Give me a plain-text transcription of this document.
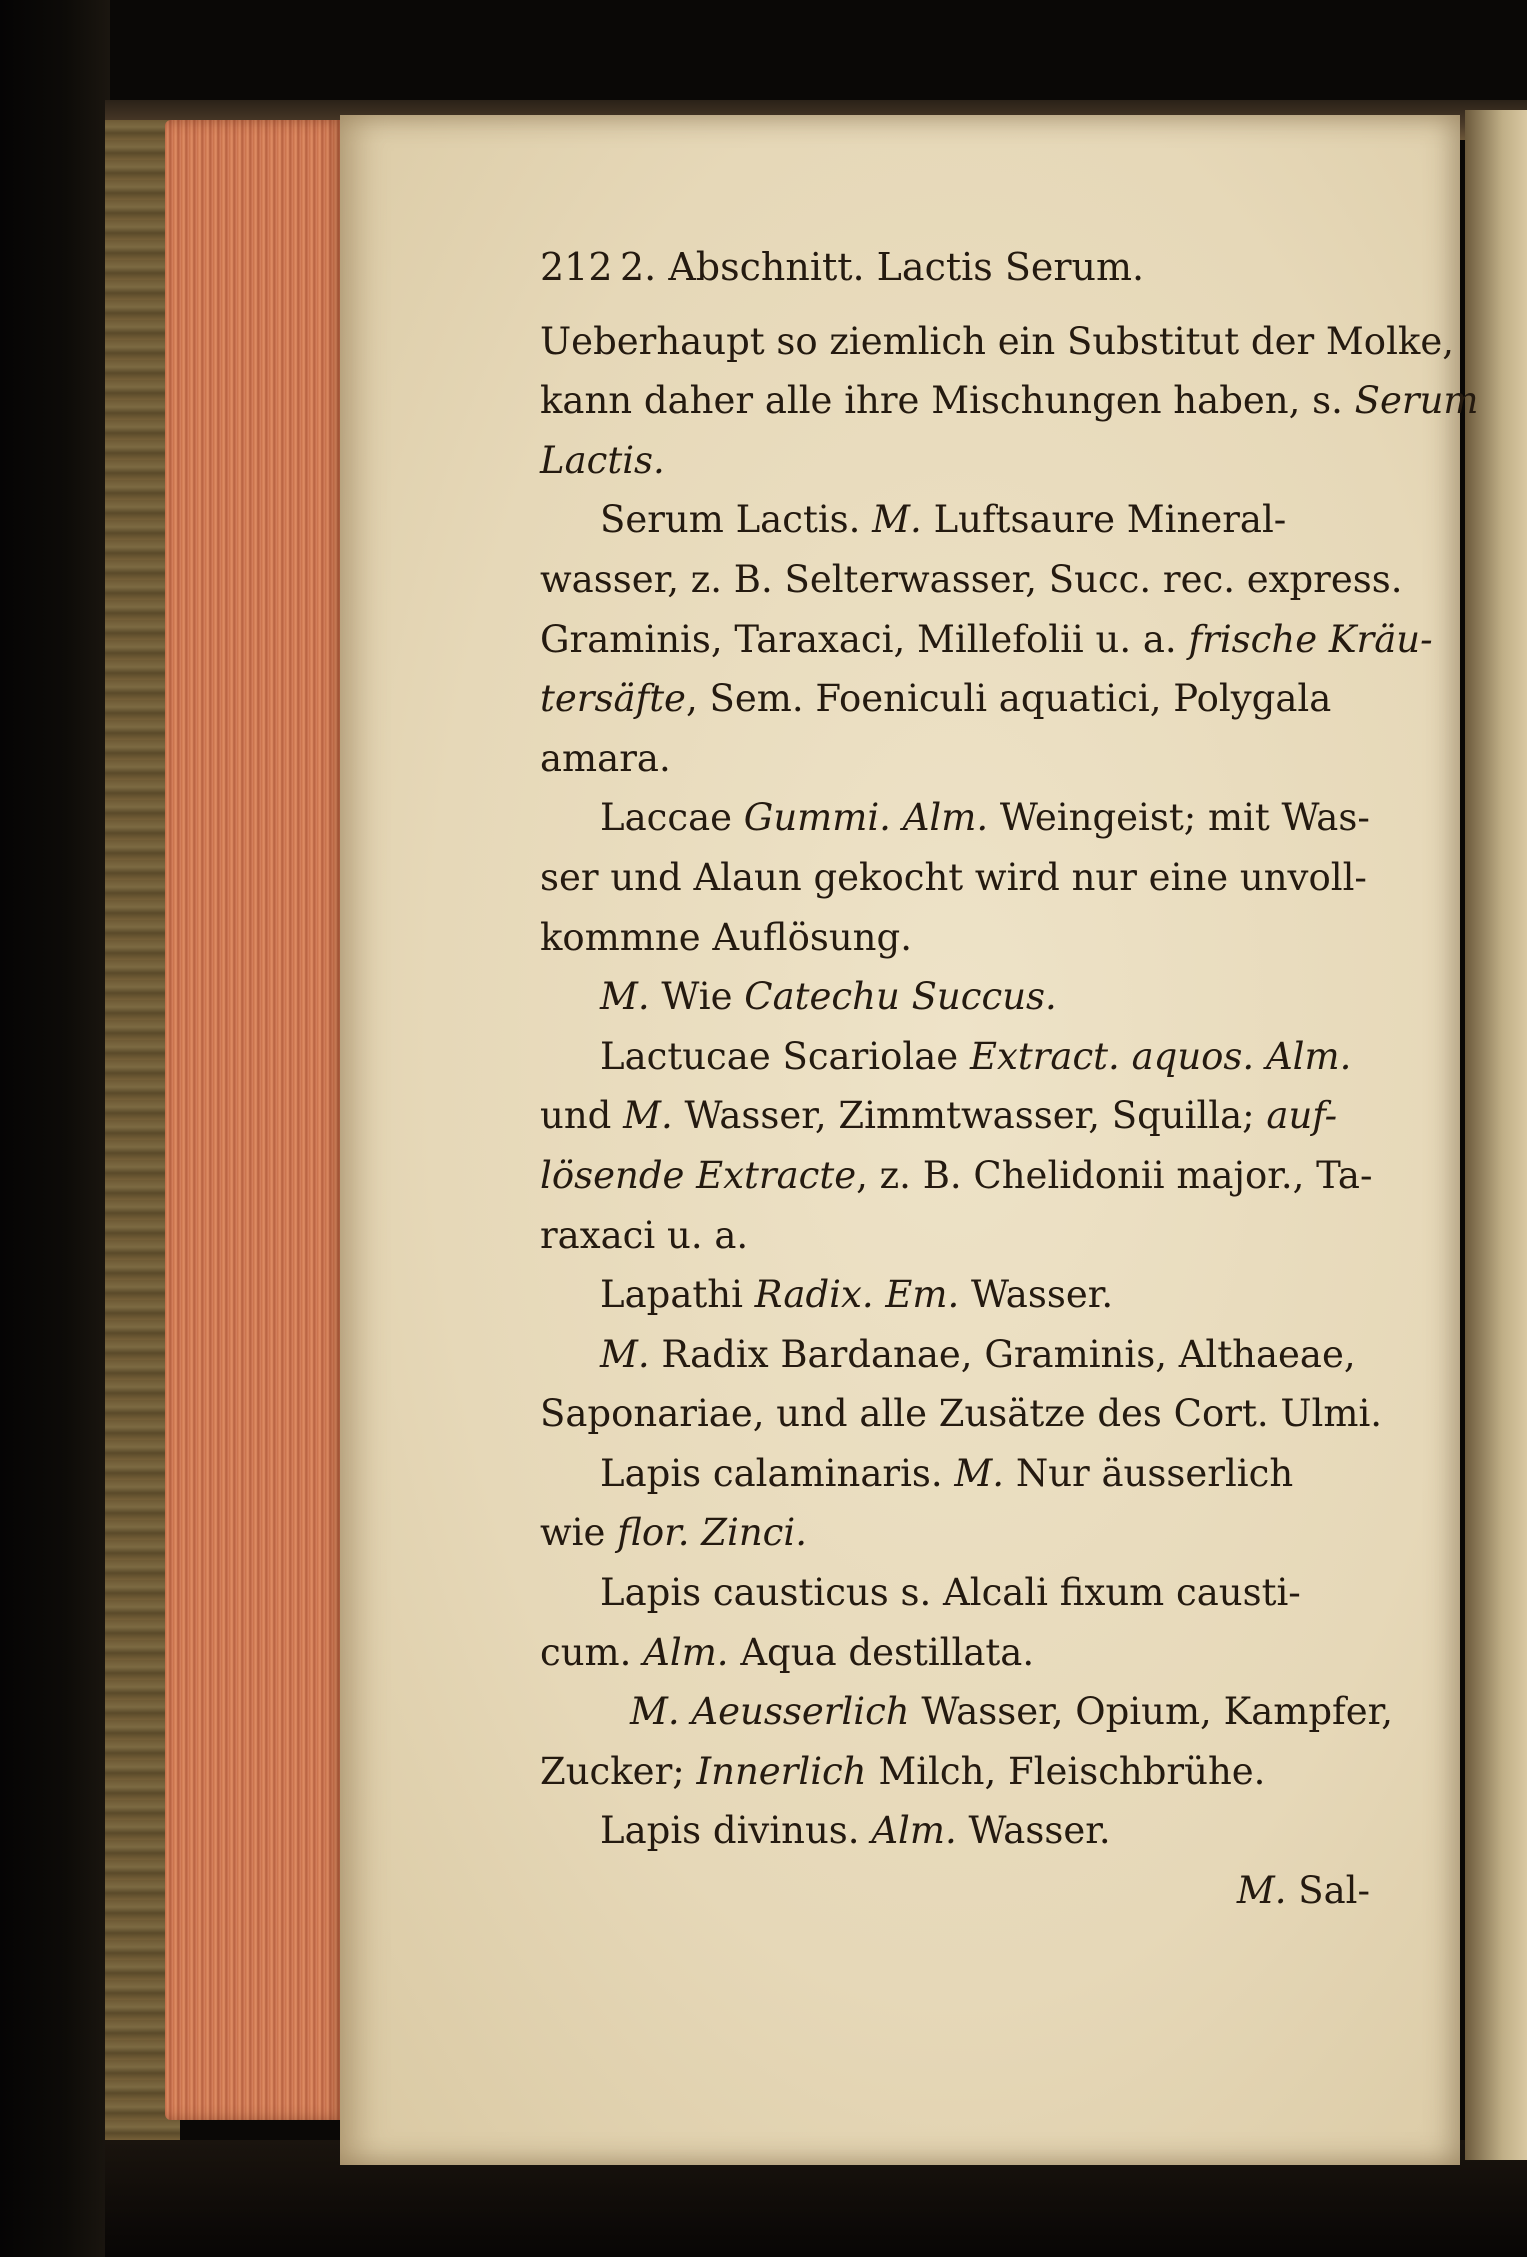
212 2. Abschnitt. Lactis Serum.
Ueberhaupt so ziemlich ein Substitut der Molke,
kann daher alle ihre Mischungen haben, s. Serum
Lactis.
Serum Lactis. M. Luftsaure Mineral-
wasser, z. B. Selterwasser, Succ. rec. express.
Graminis, Taraxaci, Millefolii u. a. frische Kräu-
tersäfte, Sem. Foeniculi aquatici, Polygala
amara.
Laccae Gummi. Alm. Weingeist; mit Was-
ser und Alaun gekocht wird nur eine unvoll-
kommne Auflösung.
M. Wie Catechu Succus.
Lactucae Scariolae Extract. aquos. Alm.
und M. Wasser, Zimmtwasser, Squilla; auf-
lösende Extracte, z. B. Chelidonii major., Ta-
raxaci u. a.
Lapathi Radix. Em. Wasser.
M. Radix Bardanae, Graminis, Althaeae,
Saponariae, und alle Zusätze des Cort. Ulmi.
Lapis calaminaris. M. Nur äusserlich
wie flor. Zinci.
Lapis causticus s. Alcali fixum causti-
cum. Alm. Aqua destillata.
M. Aeusserlich Wasser, Opium, Kampfer,
Zucker; Innerlich Milch, Fleischbrühe.
Lapis divinus. Alm. Wasser.
M. Sal-
